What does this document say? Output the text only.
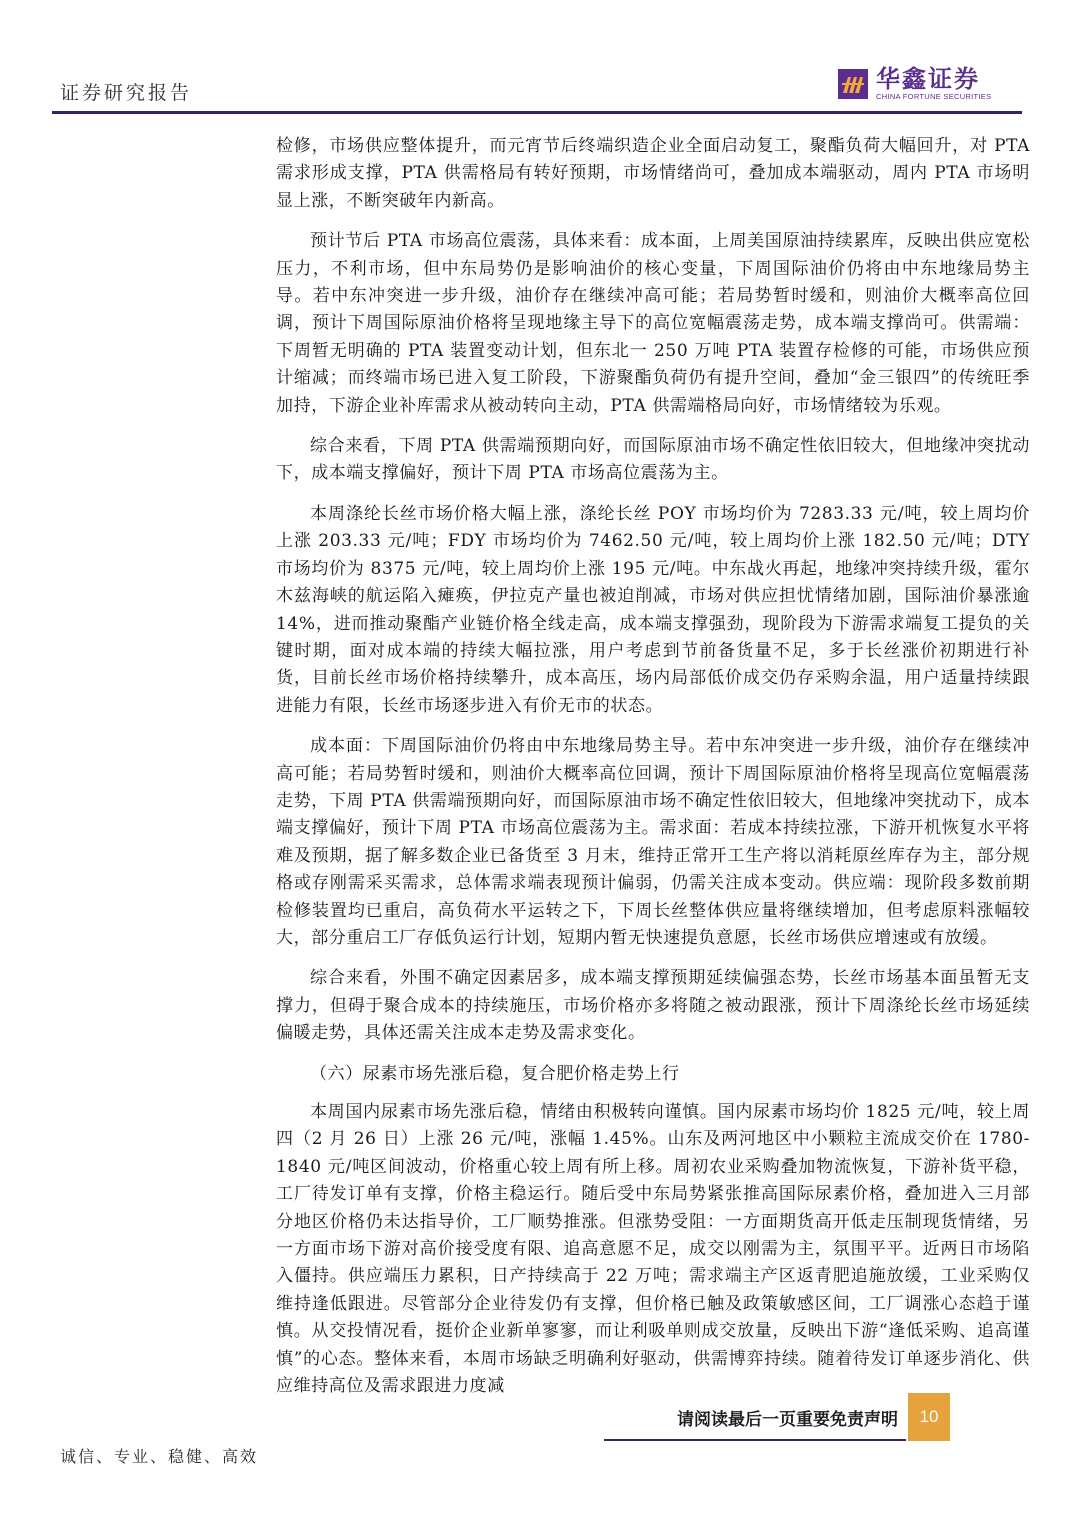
证券研究报告	华鑫证券
CHINA FORTUNE SECURITIES

检修，市场供应整体提升，而元宵节后终端织造企业全面启动复工，聚酯负荷大幅回升，对 PTA 需求形成支撑，PTA 供需格局有转好预期，市场情绪尚可，叠加成本端驱动，周内 PTA 市场明显上涨，不断突破年内新高。

预计节后 PTA 市场高位震荡，具体来看：成本面，上周美国原油持续累库，反映出供应宽松压力，不利市场，但中东局势仍是影响油价的核心变量，下周国际油价仍将由中东地缘局势主导。若中东冲突进一步升级，油价存在继续冲高可能；若局势暂时缓和，则油价大概率高位回调，预计下周国际原油价格将呈现地缘主导下的高位宽幅震荡走势，成本端支撑尚可。供需端：下周暂无明确的 PTA 装置变动计划，但东北一 250 万吨 PTA 装置存检修的可能，市场供应预计缩减；而终端市场已进入复工阶段，下游聚酯负荷仍有提升空间，叠加“金三银四”的传统旺季加持，下游企业补库需求从被动转向主动，PTA 供需端格局向好，市场情绪较为乐观。

综合来看，下周 PTA 供需端预期向好，而国际原油市场不确定性依旧较大，但地缘冲突扰动下，成本端支撑偏好，预计下周 PTA 市场高位震荡为主。

本周涤纶长丝市场价格大幅上涨，涤纶长丝 POY 市场均价为 7283.33 元/吨，较上周均价上涨 203.33 元/吨；FDY 市场均价为 7462.50 元/吨，较上周均价上涨 182.50 元/吨；DTY 市场均价为 8375 元/吨，较上周均价上涨 195 元/吨。中东战火再起，地缘冲突持续升级，霍尔木兹海峡的航运陷入瘫痪，伊拉克产量也被迫削减，市场对供应担忧情绪加剧，国际油价暴涨逾 14%，进而推动聚酯产业链价格全线走高，成本端支撑强劲，现阶段为下游需求端复工提负的关键时期，面对成本端的持续大幅拉涨，用户考虑到节前备货量不足，多于长丝涨价初期进行补货，目前长丝市场价格持续攀升，成本高压，场内局部低价成交仍存采购余温，用户适量持续跟进能力有限，长丝市场逐步进入有价无市的状态。

成本面：下周国际油价仍将由中东地缘局势主导。若中东冲突进一步升级，油价存在继续冲高可能；若局势暂时缓和，则油价大概率高位回调，预计下周国际原油价格将呈现高位宽幅震荡走势，下周 PTA 供需端预期向好，而国际原油市场不确定性依旧较大，但地缘冲突扰动下，成本端支撑偏好，预计下周 PTA 市场高位震荡为主。需求面：若成本持续拉涨，下游开机恢复水平将难及预期，据了解多数企业已备货至 3 月末，维持正常开工生产将以消耗原丝库存为主，部分规格或存刚需采买需求，总体需求端表现预计偏弱，仍需关注成本变动。供应端：现阶段多数前期检修装置均已重启，高负荷水平运转之下，下周长丝整体供应量将继续增加，但考虑原料涨幅较大，部分重启工厂存低负运行计划，短期内暂无快速提负意愿，长丝市场供应增速或有放缓。

综合来看，外围不确定因素居多，成本端支撑预期延续偏强态势，长丝市场基本面虽暂无支撑力，但碍于聚合成本的持续施压，市场价格亦多将随之被动跟涨，预计下周涤纶长丝市场延续偏暖走势，具体还需关注成本走势及需求变化。

（六）尿素市场先涨后稳，复合肥价格走势上行

本周国内尿素市场先涨后稳，情绪由积极转向谨慎。国内尿素市场均价 1825 元/吨，较上周四（2 月 26 日）上涨 26 元/吨，涨幅 1.45%。山东及两河地区中小颗粒主流成交价在 1780-1840 元/吨区间波动，价格重心较上周有所上移。周初农业采购叠加物流恢复，下游补货平稳，工厂待发订单有支撑，价格主稳运行。随后受中东局势紧张推高国际尿素价格，叠加进入三月部分地区价格仍未达指导价，工厂顺势推涨。但涨势受阻：一方面期货高开低走压制现货情绪，另一方面市场下游对高价接受度有限、追高意愿不足，成交以刚需为主，氛围平平。近两日市场陷入僵持。供应端压力累积，日产持续高于 22 万吨；需求端主产区返青肥追施放缓，工业采购仅维持逢低跟进。尽管部分企业待发仍有支撑，但价格已触及政策敏感区间，工厂调涨心态趋于谨慎。从交投情况看，挺价企业新单寥寥，而让利吸单则成交放量，反映出下游“逢低采购、追高谨慎”的心态。整体来看，本周市场缺乏明确利好驱动，供需博弈持续。随着待发订单逐步消化、供应维持高位及需求跟进力度减

请阅读最后一页重要免责声明	10
诚信、专业、稳健、高效
